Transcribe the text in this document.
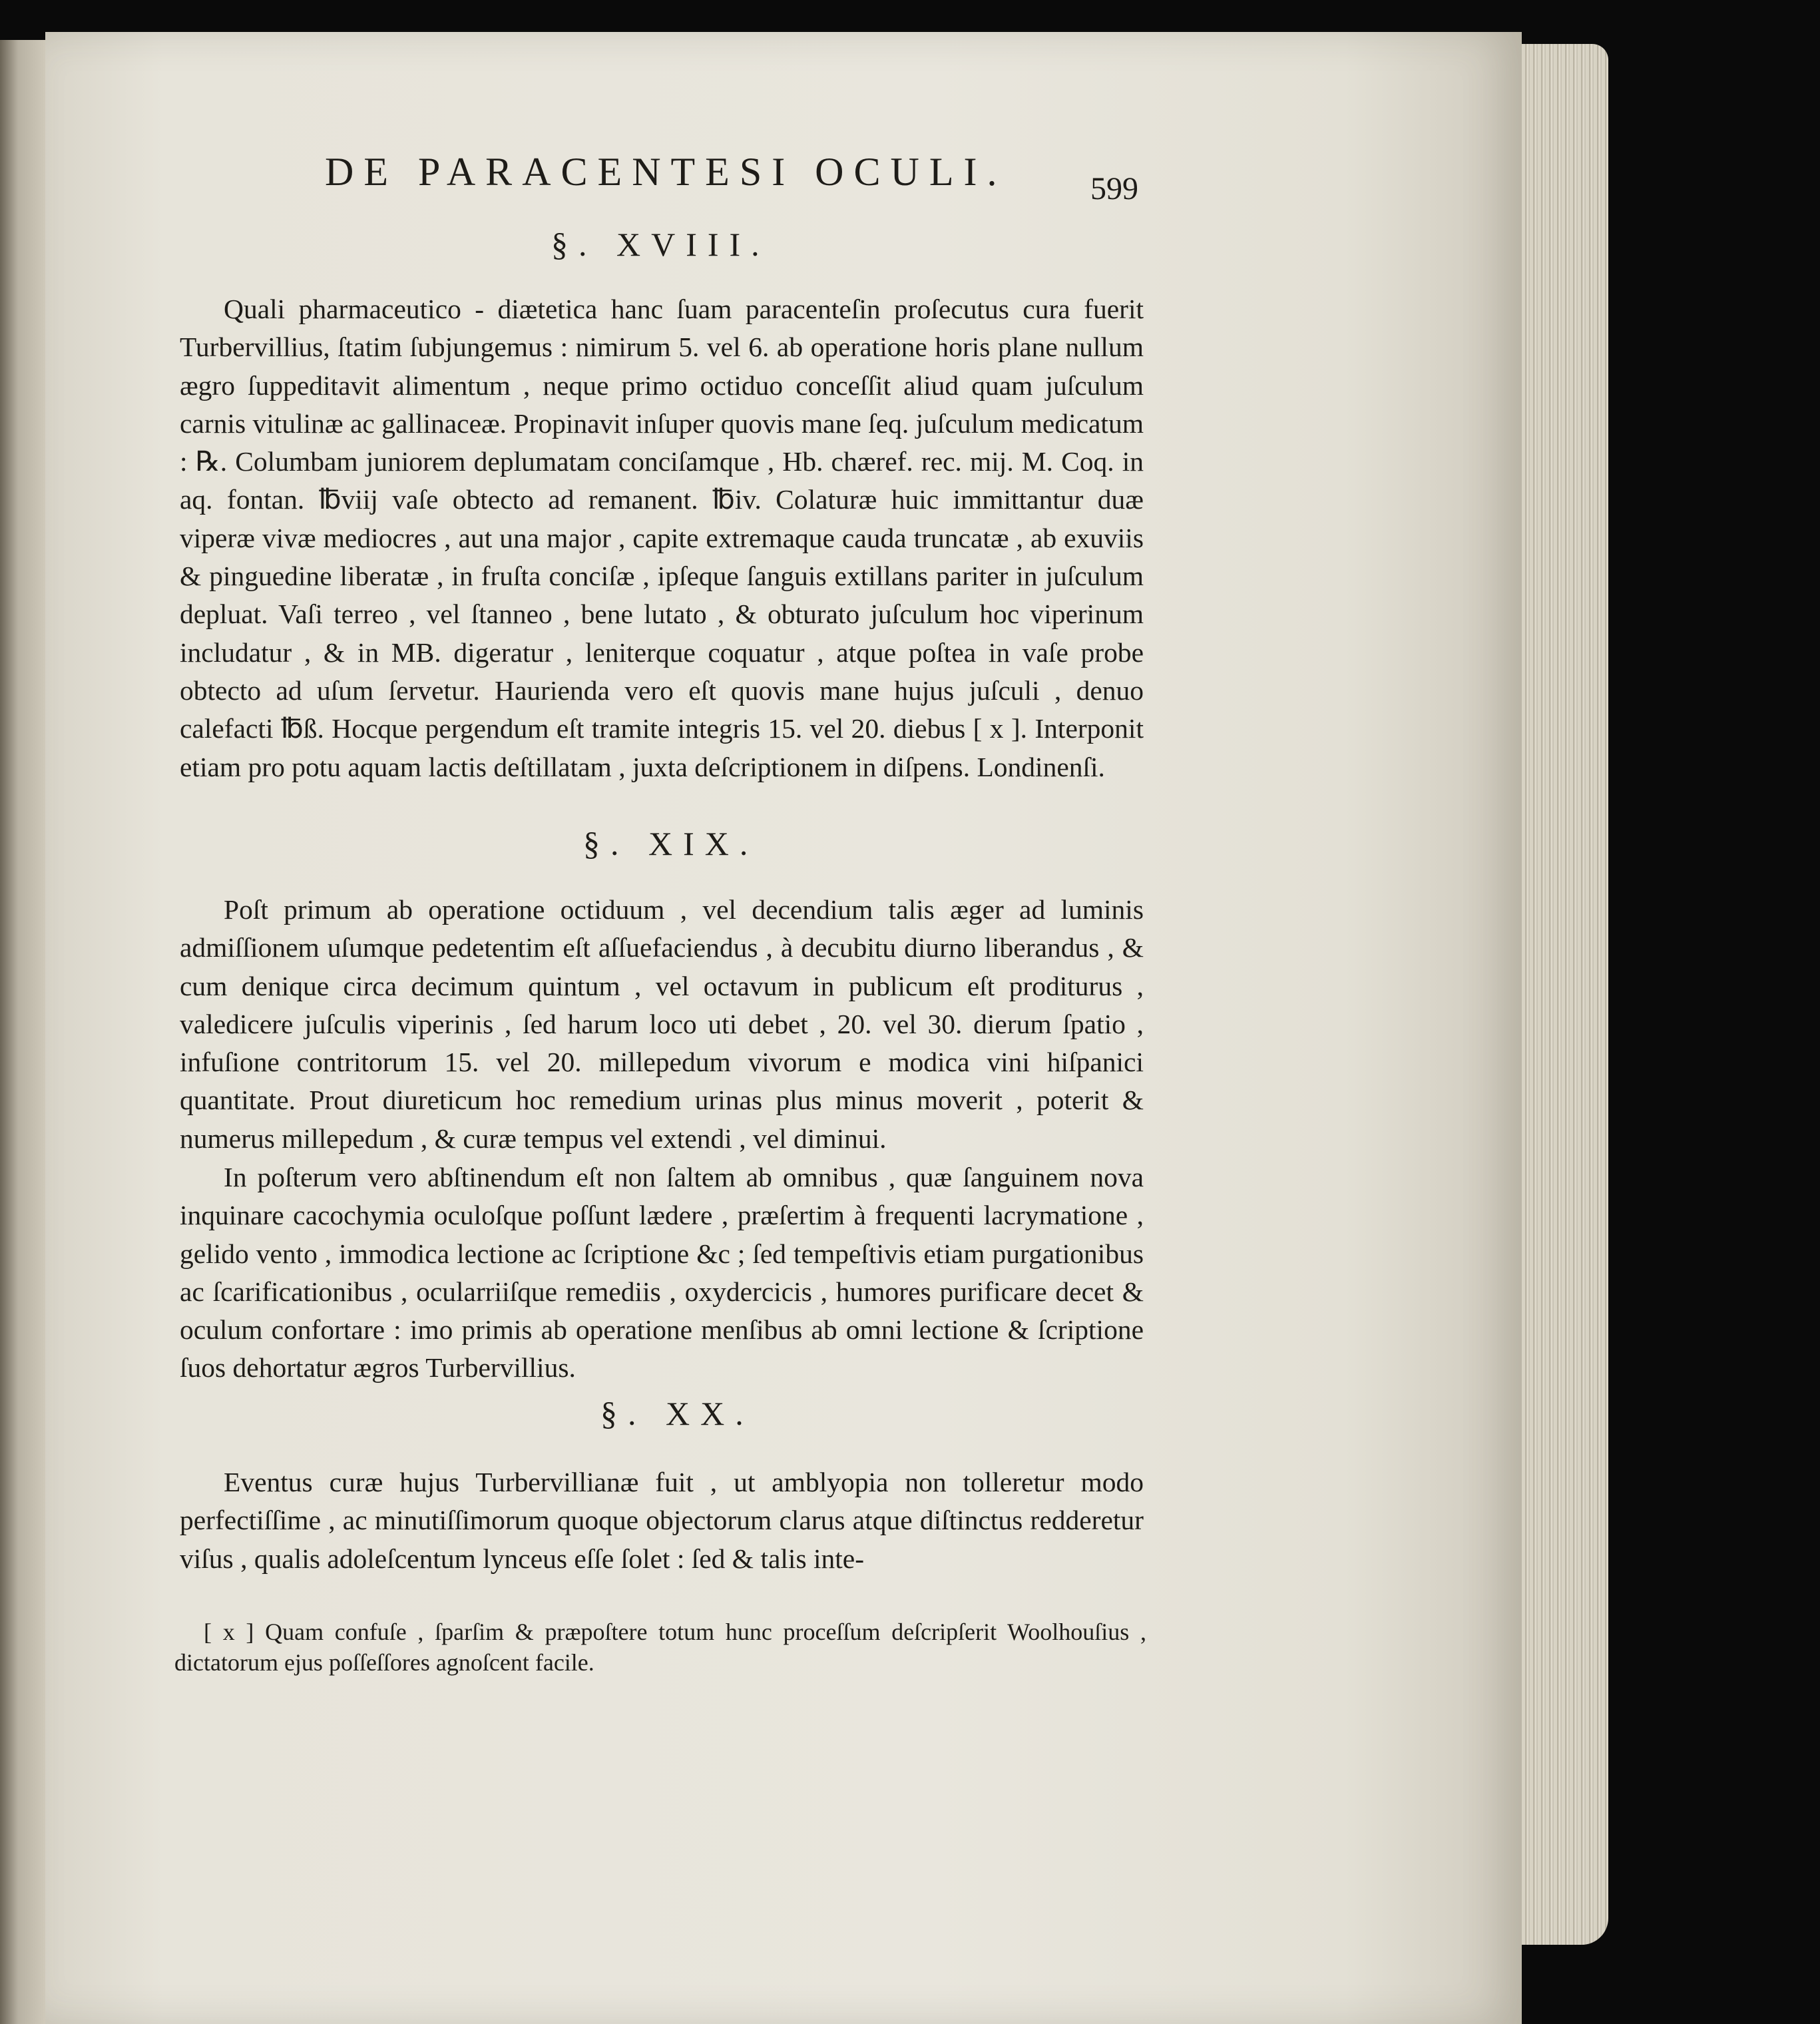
DE PARACENTESI OCULI.	599
§. XVIII.

Quali pharmaceutico - diætetica hanc ſuam paracenteſin proſecutus cura fuerit Turbervillius, ſtatim ſubjungemus : nimirum 5. vel 6. ab operatione horis plane nullum ægro ſuppeditavit alimentum , neque primo octiduo conceſſit aliud quam juſculum carnis vitulinæ ac gallinaceæ. Propinavit inſuper quovis mane ſeq. juſculum medicatum : ℞. Columbam juniorem deplumatam conciſamque , Hb. chæref. rec. mij. M. Coq. in aq. fontan. ℔viij vaſe obtecto ad remanent. ℔iv. Colaturæ huic immittantur duæ viperæ vivæ mediocres , aut una major , capite extremaque cauda truncatæ , ab exuviis & pinguedine liberatæ , in fruſta conciſæ , ipſeque ſanguis extillans pariter in juſculum depluat. Vaſi terreo , vel ſtanneo , bene lutato , & obturato juſculum hoc viperinum includatur , & in MB. digeratur , leniterque coquatur , atque poſtea in vaſe probe obtecto ad uſum ſervetur. Haurienda vero eſt quovis mane hujus juſculi , denuo calefacti ℔ß. Hocque pergendum eſt tramite integris 15. vel 20. diebus [ x ]. Interponit etiam pro potu aquam lactis deſtillatam , juxta deſcriptionem in diſpens. Londinenſi.

§. XIX.

Poſt primum ab operatione octiduum , vel decendium talis æger ad luminis admiſſionem uſumque pedetentim eſt aſſuefaciendus , à decubitu diurno liberandus , & cum denique circa decimum quintum , vel octavum in publicum eſt proditurus , valedicere juſculis viperinis , ſed harum loco uti debet , 20. vel 30. dierum ſpatio , infuſione contritorum 15. vel 20. millepedum vivorum e modica vini hiſpanici quantitate. Prout diureticum hoc remedium urinas plus minus moverit , poterit & numerus millepedum , & curæ tempus vel extendi , vel diminui.

In poſterum vero abſtinendum eſt non ſaltem ab omnibus , quæ ſanguinem nova inquinare cacochymia oculoſque poſſunt lædere , præſertim à frequenti lacrymatione , gelido vento , immodica lectione ac ſcriptione &c ; ſed tempeſtivis etiam purgationibus ac ſcarificationibus , ocularriiſque remediis , oxydercicis , humores purificare decet & oculum confortare : imo primis ab operatione menſibus ab omni lectione & ſcriptione ſuos dehortatur ægros Turbervillius.

§. XX.

Eventus curæ hujus Turbervillianæ fuit , ut amblyopia non tolleretur modo perfectiſſime , ac minutiſſimorum quoque objectorum clarus atque diſtinctus redderetur viſus , qualis adoleſcentum lynceus eſſe ſolet : ſed & talis inte-

[ x ] Quam confuſe , ſparſim & præpoſtere totum hunc proceſſum deſcripſerit Woolhouſius , dictatorum ejus poſſeſſores agnoſcent facile.
